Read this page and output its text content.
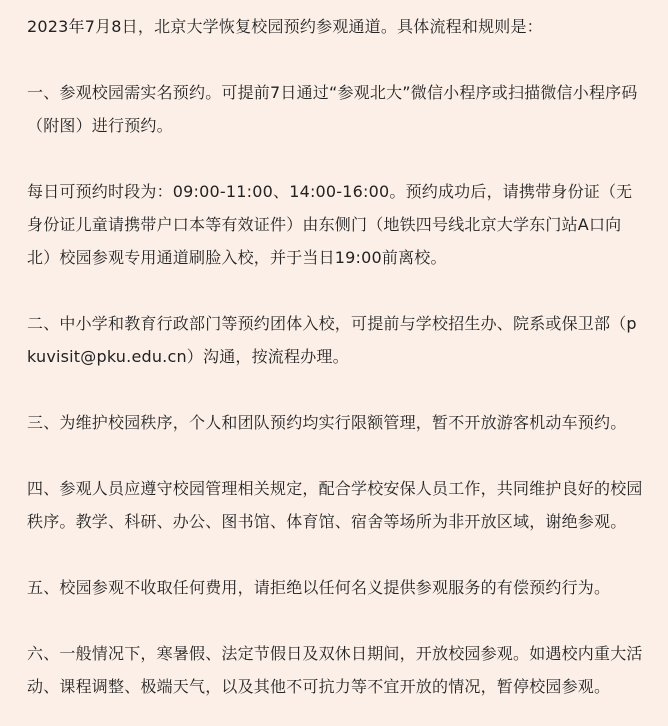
2023年7月8日，北京大学恢复校园预约参观通道。具体流程和规则是：

一、参观校园需实名预约。可提前7日通过“参观北大”微信小程序或扫描微信小程序码（附图）进行预约。

每日可预约时段为：09:00-11:00、14:00-16:00。预约成功后，请携带身份证（无身份证儿童请携带户口本等有效证件）由东侧门（地铁四号线北京大学东门站A口向北）校园参观专用通道刷脸入校，并于当日19:00前离校。

二、中小学和教育行政部门等预约团体入校，可提前与学校招生办、院系或保卫部（pkuvisit@pku.edu.cn）沟通，按流程办理。

三、为维护校园秩序，个人和团队预约均实行限额管理，暂不开放游客机动车预约。

四、参观人员应遵守校园管理相关规定，配合学校安保人员工作，共同维护良好的校园秩序。教学、科研、办公、图书馆、体育馆、宿舍等场所为非开放区域，谢绝参观。

五、校园参观不收取任何费用，请拒绝以任何名义提供参观服务的有偿预约行为。

六、一般情况下，寒暑假、法定节假日及双休日期间，开放校园参观。如遇校内重大活动、课程调整、极端天气，以及其他不可抗力等不宜开放的情况，暂停校园参观。
